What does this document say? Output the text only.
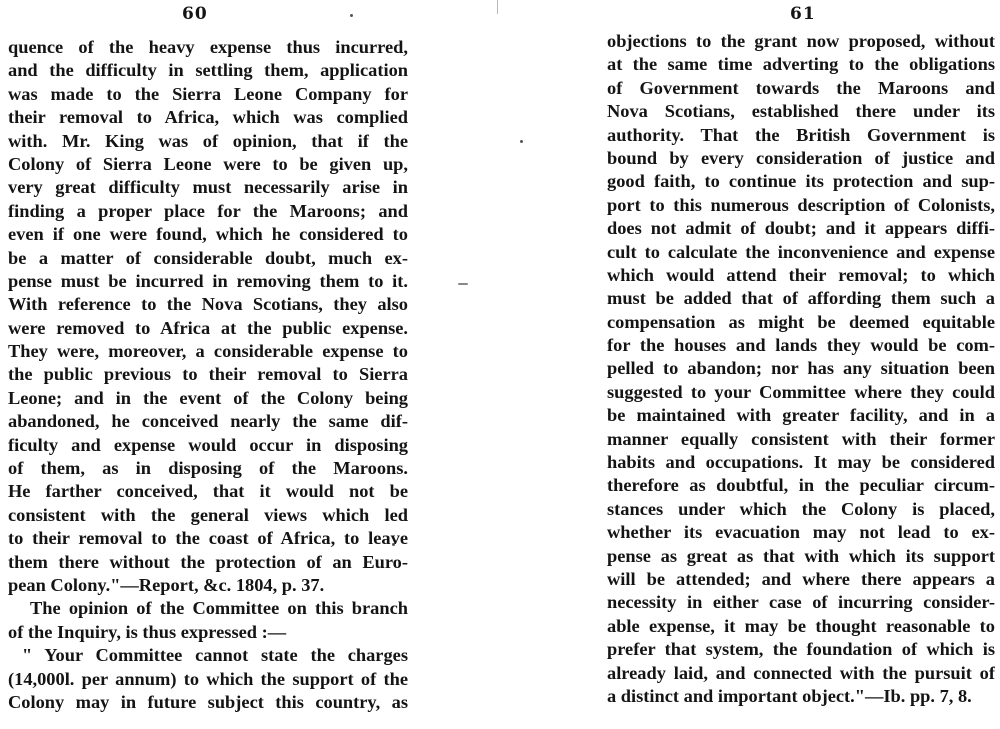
60
quence of the heavy expense thus incurred,
and the difficulty in settling them, application
was made to the Sierra Leone Company for
their removal to Africa, which was complied
with. Mr. King was of opinion, that if the
Colony of Sierra Leone were to be given up,
very great difficulty must necessarily arise in
finding a proper place for the Maroons; and
even if one were found, which he considered to
be a matter of considerable doubt, much ex-
pense must be incurred in removing them to it.
With reference to the Nova Scotians, they also
were removed to Africa at the public expense.
They were, moreover, a considerable expense to
the public previous to their removal to Sierra
Leone; and in the event of the Colony being
abandoned, he conceived nearly the same dif-
ficulty and expense would occur in disposing
of them, as in disposing of the Maroons.
He farther conceived, that it would not be
consistent with the general views which led
to their removal to the coast of Africa, to leave
them there without the protection of an Euro-
pean Colony."—Report, &c. 1804, p. 37.
The opinion of the Committee on this branch
of the Inquiry, is thus expressed :—
" Your Committee cannot state the charges
(14,000l. per annum) to which the support of the
Colony may in future subject this country, as
61
objections to the grant now proposed, without
at the same time adverting to the obligations
of Government towards the Maroons and
Nova Scotians, established there under its
authority. That the British Government is
bound by every consideration of justice and
good faith, to continue its protection and sup-
port to this numerous description of Colonists,
does not admit of doubt; and it appears diffi-
cult to calculate the inconvenience and expense
which would attend their removal; to which
must be added that of affording them such a
compensation as might be deemed equitable
for the houses and lands they would be com-
pelled to abandon; nor has any situation been
suggested to your Committee where they could
be maintained with greater facility, and in a
manner equally consistent with their former
habits and occupations. It may be considered
therefore as doubtful, in the peculiar circum-
stances under which the Colony is placed,
whether its evacuation may not lead to ex-
pense as great as that with which its support
will be attended; and where there appears a
necessity in either case of incurring consider-
able expense, it may be thought reasonable to
prefer that system, the foundation of which is
already laid, and connected with the pursuit of
a distinct and important object."—Ib. pp. 7, 8.
